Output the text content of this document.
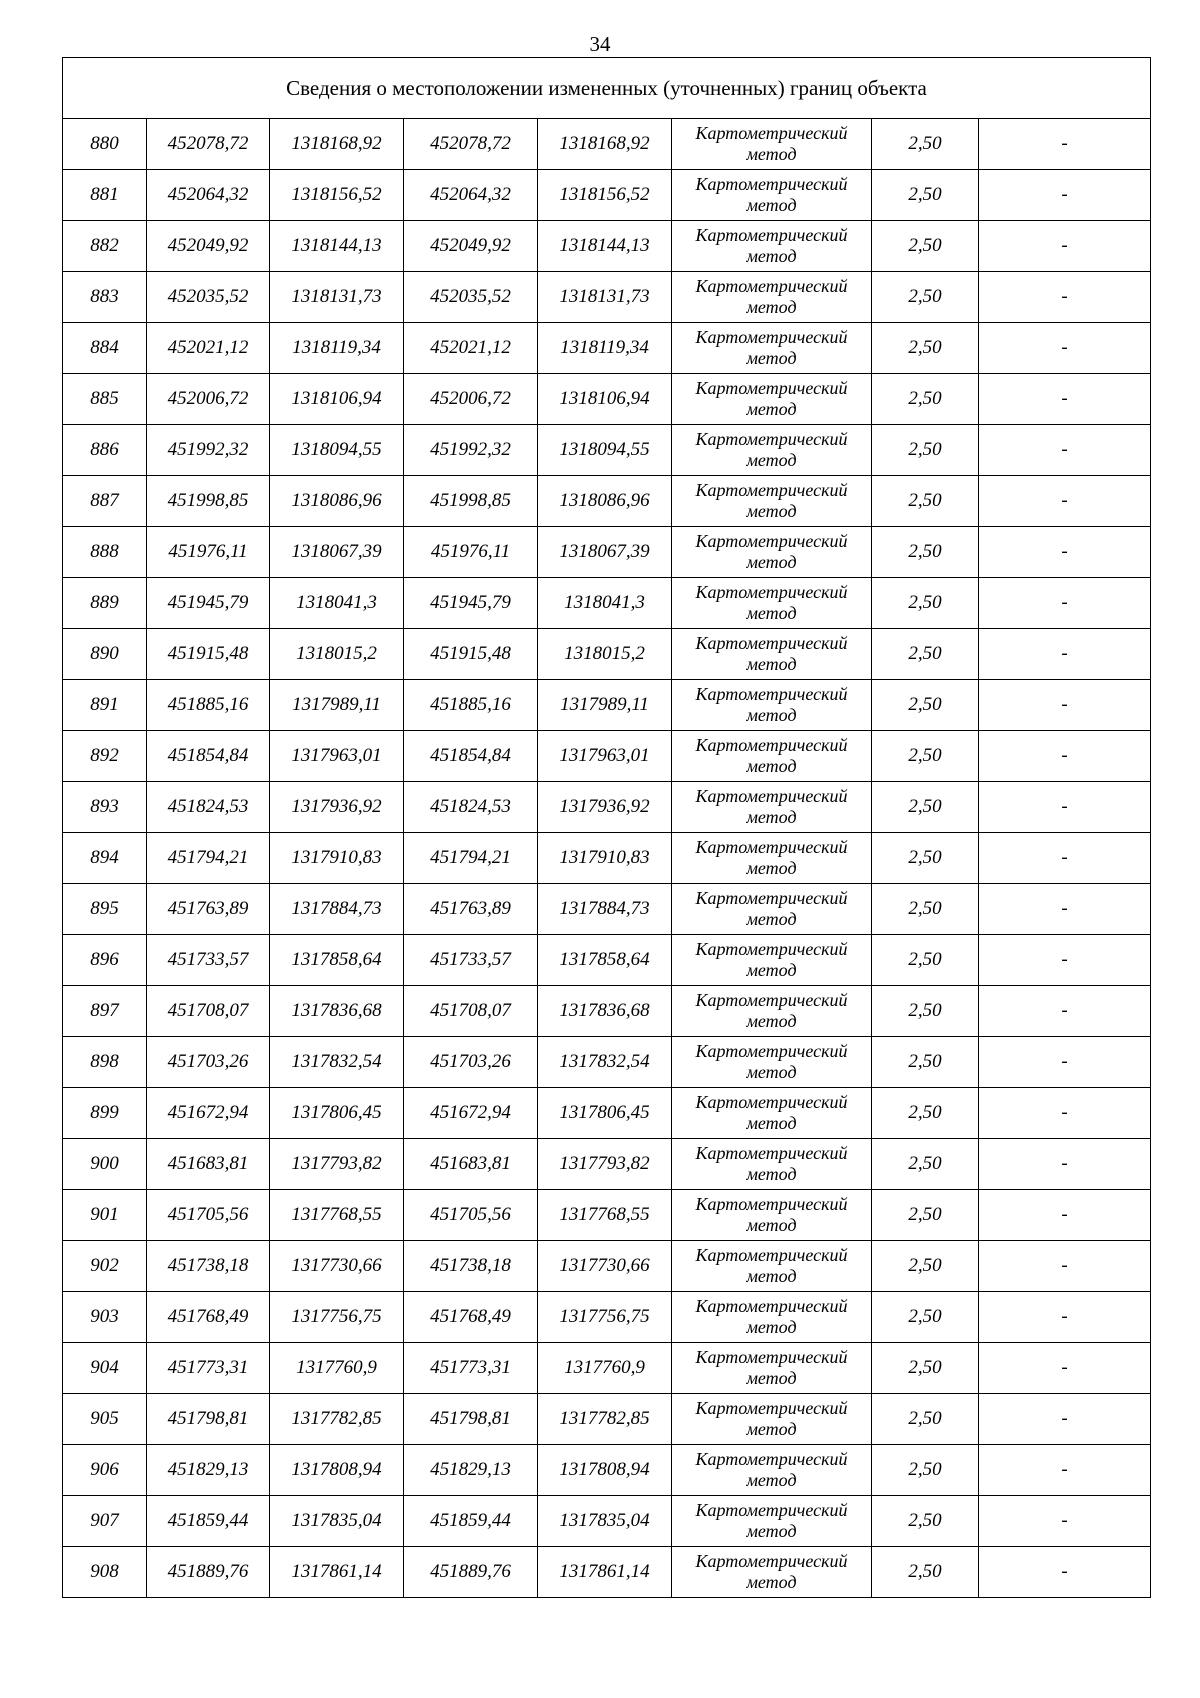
34
Сведения о местоположении измененных (уточненных) границ объекта							
880	452078,72	1318168,92	452078,72	1318168,92	Картометрический метод	2,50	-
881	452064,32	1318156,52	452064,32	1318156,52	Картометрический метод	2,50	-
882	452049,92	1318144,13	452049,92	1318144,13	Картометрический метод	2,50	-
883	452035,52	1318131,73	452035,52	1318131,73	Картометрический метод	2,50	-
884	452021,12	1318119,34	452021,12	1318119,34	Картометрический метод	2,50	-
885	452006,72	1318106,94	452006,72	1318106,94	Картометрический метод	2,50	-
886	451992,32	1318094,55	451992,32	1318094,55	Картометрический метод	2,50	-
887	451998,85	1318086,96	451998,85	1318086,96	Картометрический метод	2,50	-
888	451976,11	1318067,39	451976,11	1318067,39	Картометрический метод	2,50	-
889	451945,79	1318041,3	451945,79	1318041,3	Картометрический метод	2,50	-
890	451915,48	1318015,2	451915,48	1318015,2	Картометрический метод	2,50	-
891	451885,16	1317989,11	451885,16	1317989,11	Картометрический метод	2,50	-
892	451854,84	1317963,01	451854,84	1317963,01	Картометрический метод	2,50	-
893	451824,53	1317936,92	451824,53	1317936,92	Картометрический метод	2,50	-
894	451794,21	1317910,83	451794,21	1317910,83	Картометрический метод	2,50	-
895	451763,89	1317884,73	451763,89	1317884,73	Картометрический метод	2,50	-
896	451733,57	1317858,64	451733,57	1317858,64	Картометрический метод	2,50	-
897	451708,07	1317836,68	451708,07	1317836,68	Картометрический метод	2,50	-
898	451703,26	1317832,54	451703,26	1317832,54	Картометрический метод	2,50	-
899	451672,94	1317806,45	451672,94	1317806,45	Картометрический метод	2,50	-
900	451683,81	1317793,82	451683,81	1317793,82	Картометрический метод	2,50	-
901	451705,56	1317768,55	451705,56	1317768,55	Картометрический метод	2,50	-
902	451738,18	1317730,66	451738,18	1317730,66	Картометрический метод	2,50	-
903	451768,49	1317756,75	451768,49	1317756,75	Картометрический метод	2,50	-
904	451773,31	1317760,9	451773,31	1317760,9	Картометрический метод	2,50	-
905	451798,81	1317782,85	451798,81	1317782,85	Картометрический метод	2,50	-
906	451829,13	1317808,94	451829,13	1317808,94	Картометрический метод	2,50	-
907	451859,44	1317835,04	451859,44	1317835,04	Картометрический метод	2,50	-
908	451889,76	1317861,14	451889,76	1317861,14	Картометрический метод	2,50	-
